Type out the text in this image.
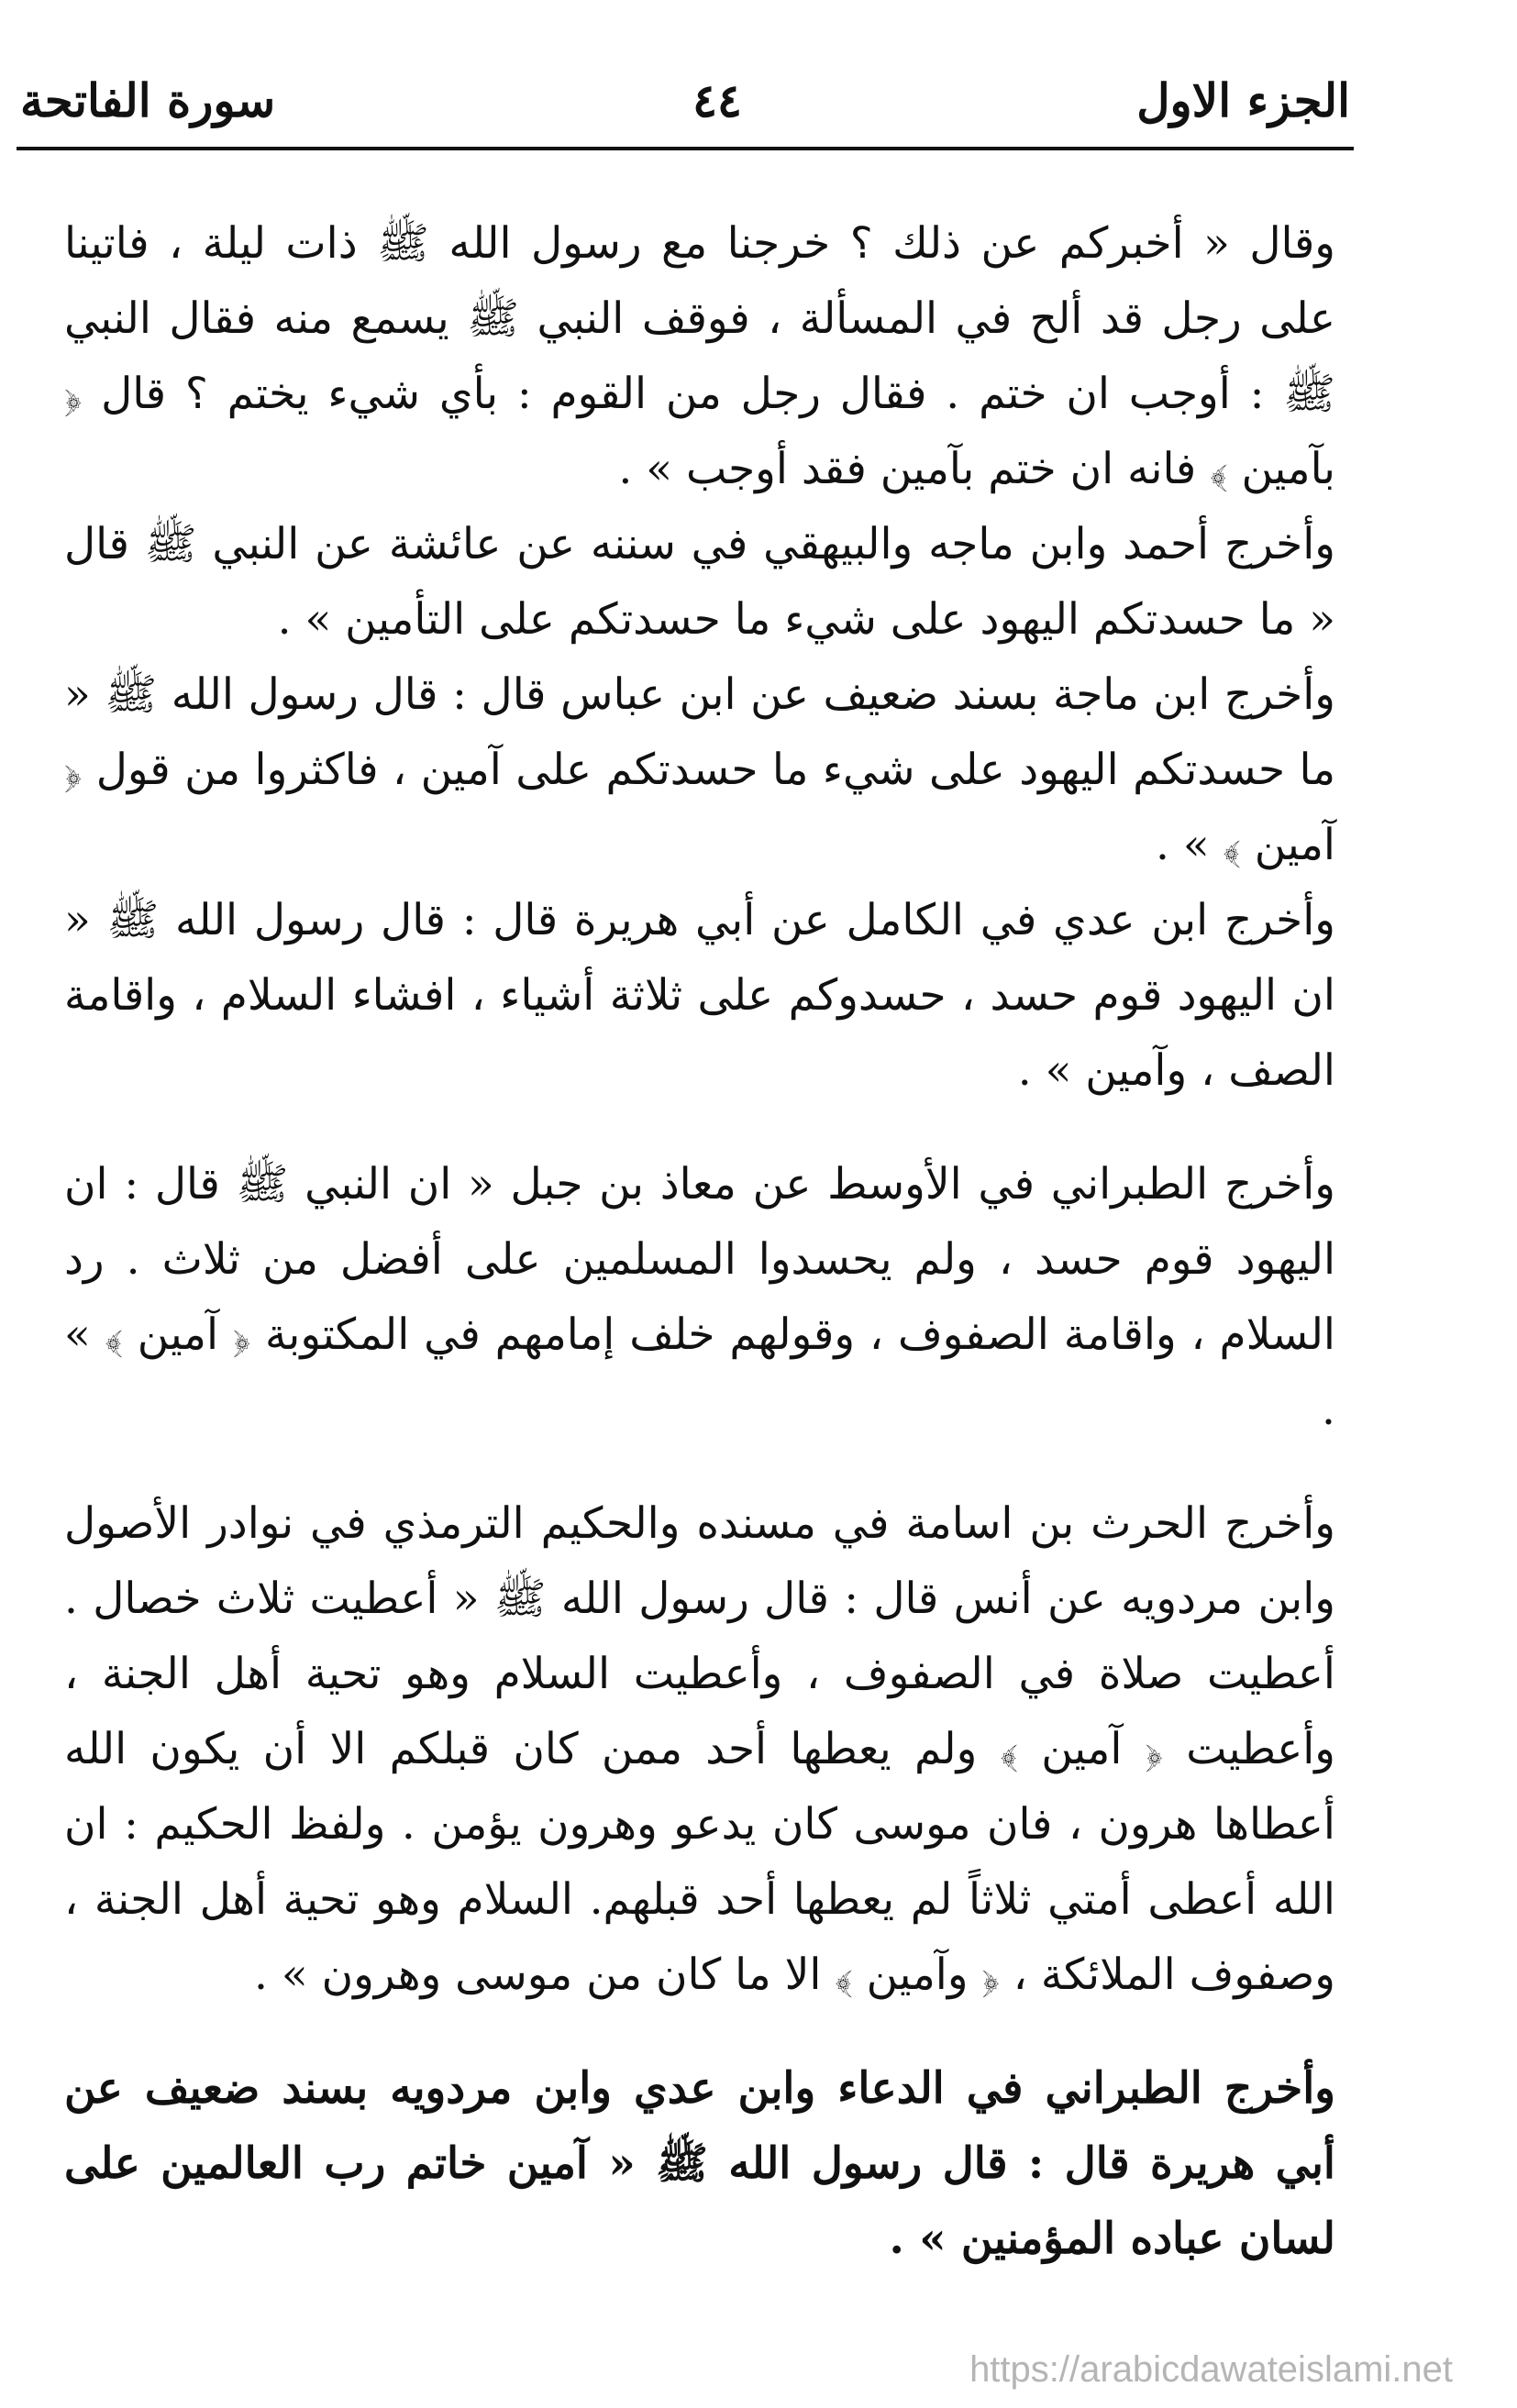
الجزء الاول
٤٤
سورة الفاتحة

وقال « أخبركم عن ذلك ؟ خرجنا مع رسول الله ﷺ ذات ليلة ، فاتينا على رجل قد ألح في المسألة ، فوقف النبي ﷺ يسمع منه فقال النبي ﷺ : أوجب ان ختم . فقال رجل من القوم : بأي شيء يختم ؟ قال ﴿ بآمين ﴾ فانه ان ختم بآمين فقد أوجب » .

وأخرج أحمد وابن ماجه والبيهقي في سننه عن عائشة عن النبي ﷺ قال « ما حسدتكم اليهود على شيء ما حسدتكم على التأمين » .

وأخرج ابن ماجة بسند ضعيف عن ابن عباس قال : قال رسول الله ﷺ « ما حسدتكم اليهود على شيء ما حسدتكم على آمين ، فاكثروا من قول ﴿ آمين ﴾ » .

وأخرج ابن عدي في الكامل عن أبي هريرة قال : قال رسول الله ﷺ « ان اليهود قوم حسد ، حسدوكم على ثلاثة أشياء ، افشاء السلام ، واقامة الصف ، وآمين » .

وأخرج الطبراني في الأوسط عن معاذ بن جبل « ان النبي ﷺ قال : ان اليهود قوم حسد ، ولم يحسدوا المسلمين على أفضل من ثلاث . رد السلام ، واقامة الصفوف ، وقولهم خلف إمامهم في المكتوبة ﴿ آمين ﴾ » .

وأخرج الحرث بن اسامة في مسنده والحكيم الترمذي في نوادر الأصول وابن مردويه عن أنس قال : قال رسول الله ﷺ « أعطيت ثلاث خصال . أعطيت صلاة في الصفوف ، وأعطيت السلام وهو تحية أهل الجنة ، وأعطيت ﴿ آمين ﴾ ولم يعطها أحد ممن كان قبلكم الا أن يكون الله أعطاها هرون ، فان موسى كان يدعو وهرون يؤمن . ولفظ الحكيم : ان الله أعطى أمتي ثلاثاً لم يعطها أحد قبلهم. السلام وهو تحية أهل الجنة ، وصفوف الملائكة ، ﴿ وآمين ﴾ الا ما كان من موسى وهرون » .

وأخرج الطبراني في الدعاء وابن عدي وابن مردويه بسند ضعيف عن أبي هريرة قال : قال رسول الله ﷺ « آمين خاتم رب العالمين على لسان عباده المؤمنين » .

https://arabicdawateislami.net
